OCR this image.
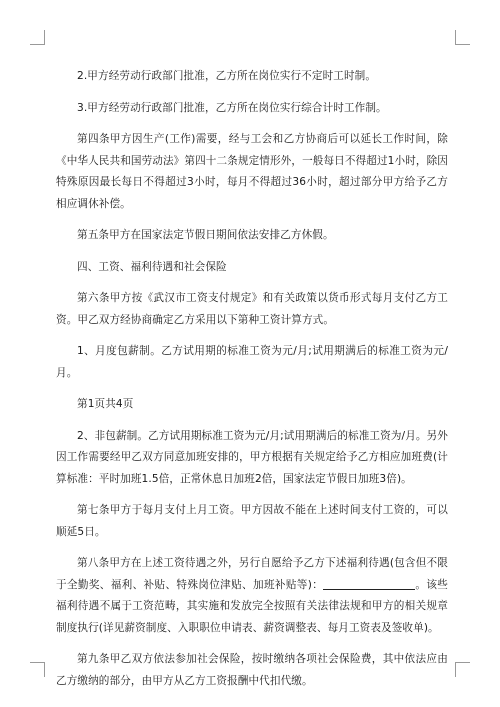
2.甲方经劳动行政部门批准，乙方所在岗位实行不定时工时制。

3.甲方经劳动行政部门批准，乙方所在岗位实行综合计时工作制。

第四条甲方因生产(工作)需要，经与工会和乙方协商后可以延长工作时间，除《中华人民共和国劳动法》第四十二条规定情形外，一般每日不得超过1小时，除因特殊原因最长每日不得超过3小时，每月不得超过36小时，超过部分甲方给予乙方相应调休补偿。

第五条甲方在国家法定节假日期间依法安排乙方休假。

四、工资、福利待遇和社会保险

第六条甲方按《武汉市工资支付规定》和有关政策以货币形式每月支付乙方工资。甲乙双方经协商确定乙方采用以下第种工资计算方式。

1、月度包薪制。乙方试用期的标准工资为元/月;试用期满后的标准工资为元/月。

第1页共4页

2、非包薪制。乙方试用期标准工资为元/月;试用期满后的标准工资为/月。另外因工作需要经甲乙双方同意加班安排的，甲方根据有关规定给予乙方相应加班费(计算标准：平时加班1.5倍，正常休息日加班2倍，国家法定节假日加班3倍)。

第七条甲方于每月支付上月工资。甲方因故不能在上述时间支付工资的，可以顺延5日。

第八条甲方在上述工资待遇之外，另行自愿给予乙方下述福利待遇(包含但不限于全勤奖、福利、补贴、特殊岗位津贴、加班补贴等)：	。该些福利待遇不属于工资范畴，其实施和发放完全按照有关法律法规和甲方的相关规章制度执行(详见薪资制度、入职职位申请表、薪资调整表、每月工资表及签收单)。

第九条甲乙双方依法参加社会保险，按时缴纳各项社会保险费，其中依法应由乙方缴纳的部分，由甲方从乙方工资报酬中代扣代缴。
